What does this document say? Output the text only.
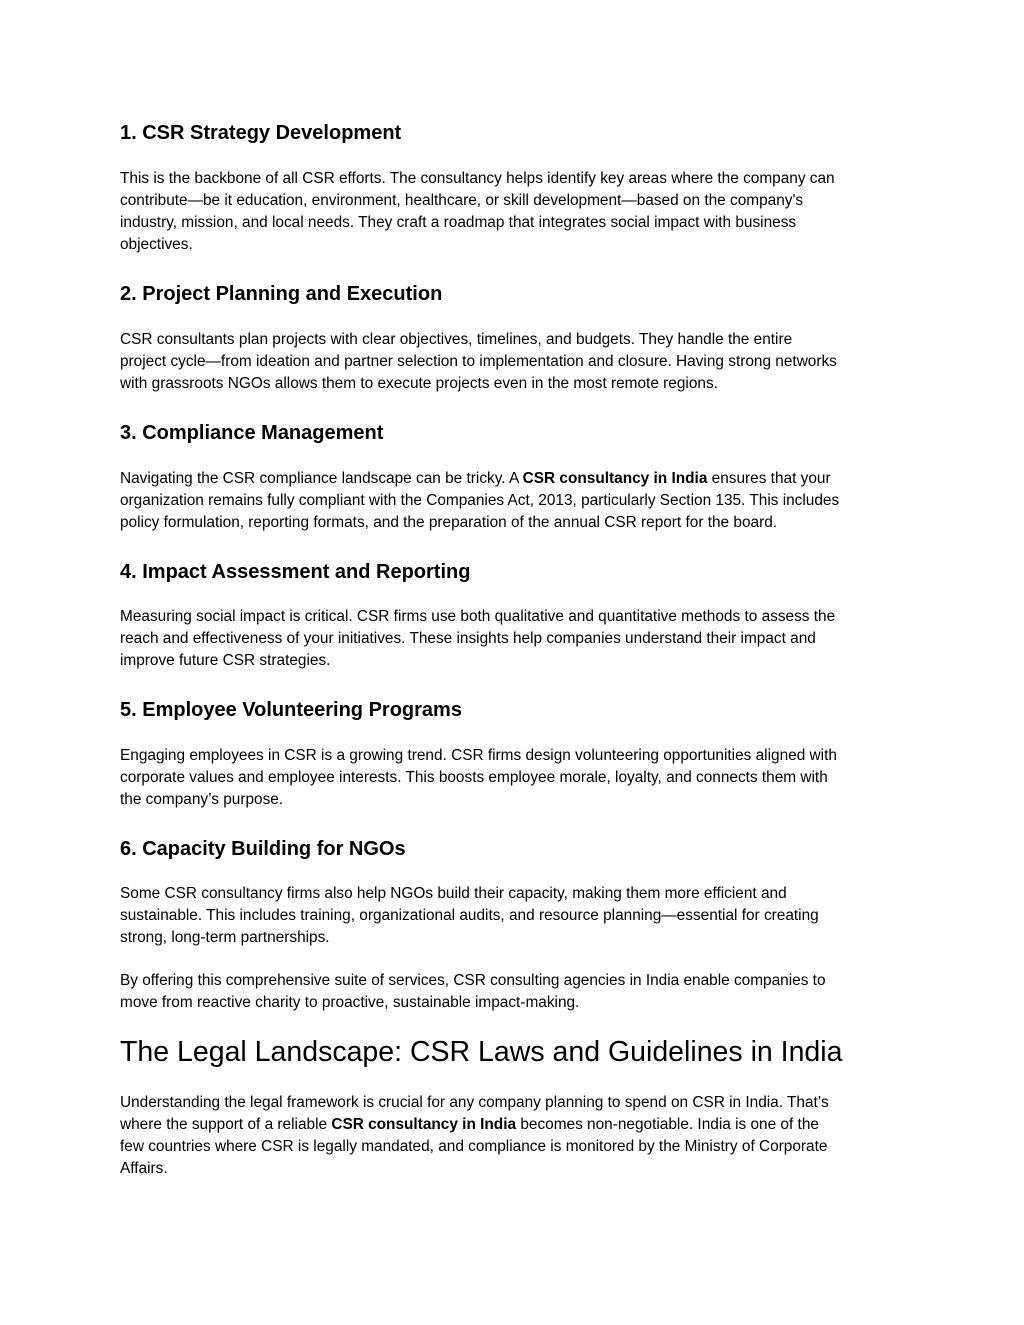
1. CSR Strategy Development
This is the backbone of all CSR efforts. The consultancy helps identify key areas where the company can
contribute—be it education, environment, healthcare, or skill development—based on the company's
industry, mission, and local needs. They craft a roadmap that integrates social impact with business
objectives.
2. Project Planning and Execution
CSR consultants plan projects with clear objectives, timelines, and budgets. They handle the entire
project cycle—from ideation and partner selection to implementation and closure. Having strong networks
with grassroots NGOs allows them to execute projects even in the most remote regions.
3. Compliance Management
Navigating the CSR compliance landscape can be tricky. A CSR consultancy in India ensures that your
organization remains fully compliant with the Companies Act, 2013, particularly Section 135. This includes
policy formulation, reporting formats, and the preparation of the annual CSR report for the board.
4. Impact Assessment and Reporting
Measuring social impact is critical. CSR firms use both qualitative and quantitative methods to assess the
reach and effectiveness of your initiatives. These insights help companies understand their impact and
improve future CSR strategies.
5. Employee Volunteering Programs
Engaging employees in CSR is a growing trend. CSR firms design volunteering opportunities aligned with
corporate values and employee interests. This boosts employee morale, loyalty, and connects them with
the company’s purpose.
6. Capacity Building for NGOs
Some CSR consultancy firms also help NGOs build their capacity, making them more efficient and
sustainable. This includes training, organizational audits, and resource planning—essential for creating
strong, long-term partnerships.
By offering this comprehensive suite of services, CSR consulting agencies in India enable companies to
move from reactive charity to proactive, sustainable impact-making.
The Legal Landscape: CSR Laws and Guidelines in India
Understanding the legal framework is crucial for any company planning to spend on CSR in India. That’s
where the support of a reliable CSR consultancy in India becomes non-negotiable. India is one of the
few countries where CSR is legally mandated, and compliance is monitored by the Ministry of Corporate
Affairs.
